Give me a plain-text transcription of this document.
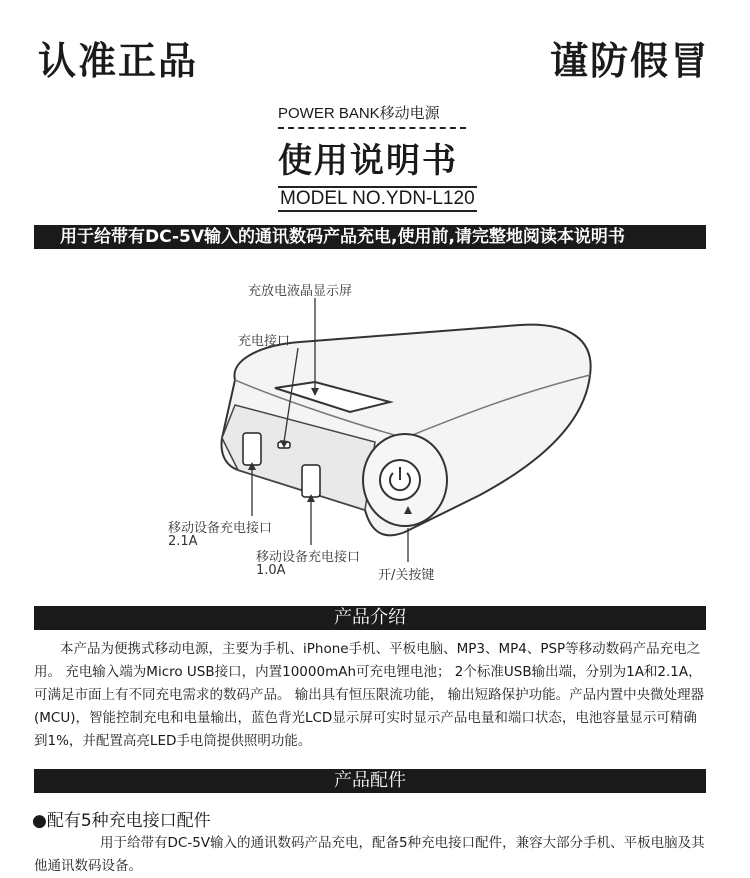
认准正品	谨防假冒
POWER BANK移动电源
使用说明书
MODEL NO.YDN-L120
用于给带有DC-5V输入的通讯数码产品充电,使用前,请完整地阅读本说明书
充放电液晶显示屏
充电接口
移动设备充电接口
2.1A
移动设备充电接口
1.0A	开/关按键
产品介绍
本产品为便携式移动电源，主要为手机、iPhone手机、平板电脑、MP3、MP4、PSP等移动数码产品充电之用。 充电输入端为Micro USB接口，内置10000mAh可充电锂电池； 2个标准USB输出端，分别为1A和2.1A， 可满足市面上有不同充电需求的数码产品。 输出具有恒压限流功能， 输出短路保护功能。产品内置中央微处理器(MCU)，智能控制充电和电量输出，蓝色背光LCD显示屏可实时显示产品电量和端口状态，电池容量显示可精确到1%，并配置高亮LED手电筒提供照明功能。
产品配件
●配有5种充电接口配件
用于给带有DC-5V输入的通讯数码产品充电，配备5种充电接口配件，兼容大部分手机、平板电脑及其他通讯数码设备。
